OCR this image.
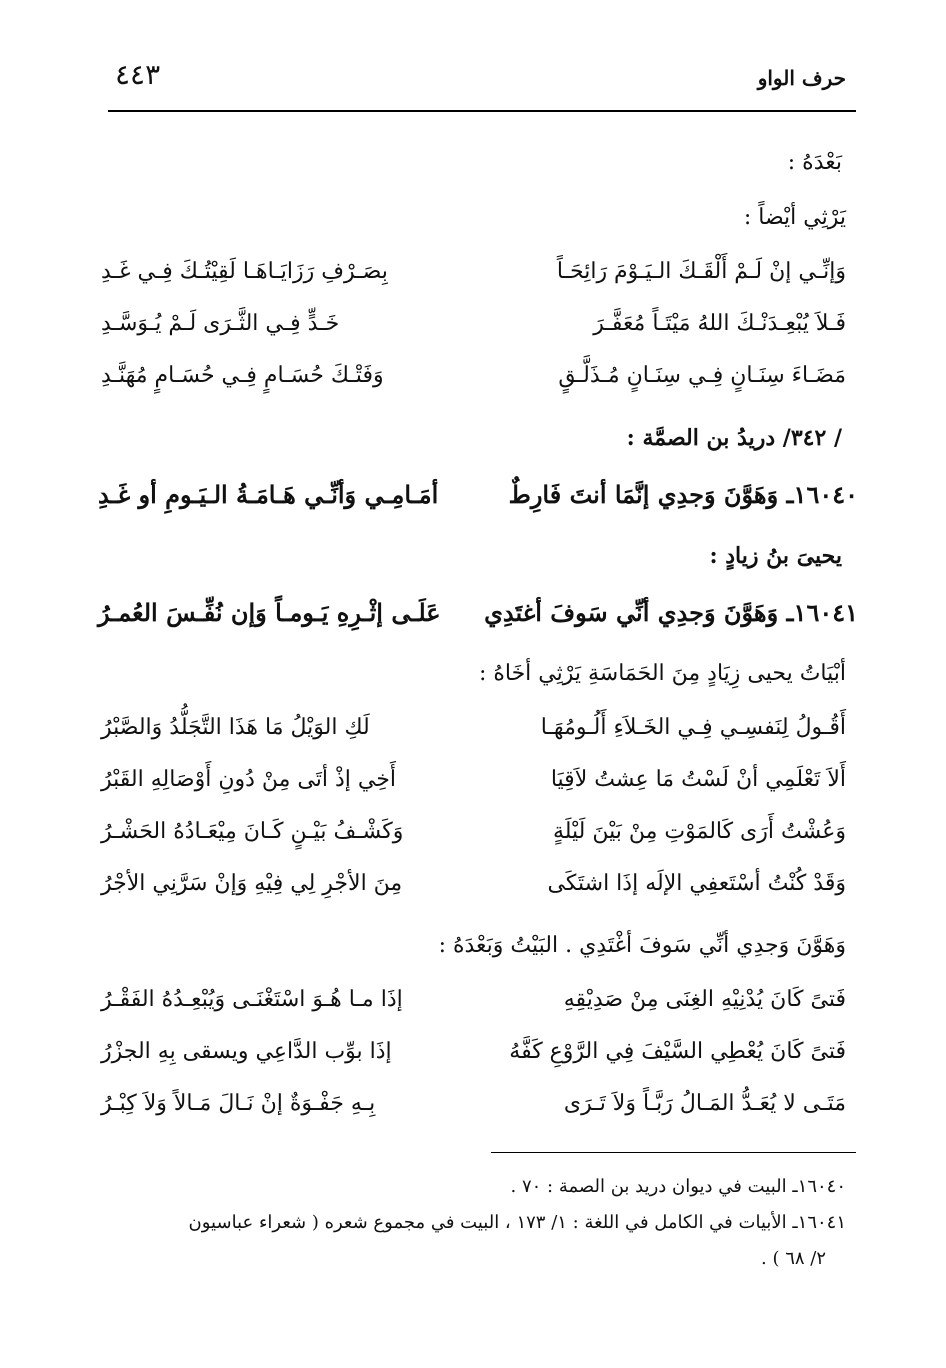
حرف الواو
٤٤٣
بَعْدَهُ :
يَرْثِي أيْضاً :
وَإنِّـي إنْ لَـمْ أَلْقَـكَ الـيَـوْمَ رَائِحَـاً
بِصَـرْفِ رَزَايَـاهَـا لَقِيْتُـكَ فِـي غَـدِ
فَـلاَ يُبْعِـدَنْـكَ اللهُ مَيْتَـاً مُعَفَّـرَ
خَـدٍّ فِـي الثَّـرَى لَـمْ يُـوَسَّـدِ
مَضَـاءَ سِنَـانٍ فِـي سِنَـانٍ مُـذَلَّـقٍ
وَفَتْـكَ حُسَـامٍ فِـي حُسَـامٍ مُهَنَّـدِ
/ ٣٤٢/ دريدُ بن الصمَّة :
١٦٠٤٠ـ وَهَوَّنَ وَجدِي إنَّمَا أنتَ فَارِطٌ
أمَـامِـي وَأنِّـي هَـامَـةُ الـيَـومِ أو غَـدِ
يحيىَ بنُ زيادٍ :
١٦٠٤١ـ وَهَوَّنَ وَجدِي أنِّي سَوفَ أغتَدِي
عَلَـى إثْـرِهِ يَـومـاً وَإن نُفِّـسَ العُمـرُ
أبْيَاتُ يحيى زِيَادٍ مِنَ الحَمَاسَةِ يَرْثِي أخَاهُ :
أَقُـولُ لِنَفسِـي فِـي الخَـلاَءِ أَلُـومُهَـا
لَكِ الوَيْلُ مَا هَذَا التَّجَلُّدُ وَالصَّبْرُ
أَلاَ تَعْلَمِي أنْ لَسْتُ مَا عِشتُ لاَقِيَا
أَخِي إذْ أتَى مِنْ دُونِ أَوْصَالِهِ القَبْرُ
وَعُشْتُ أَرَى كَالمَوْتِ مِنْ بَيْنَ لَيْلَةٍ
وَكَشْـفُ بَيْـنٍ كَـانَ مِيْعَـادُهُ الحَشْـرُ
وَقَدْ كُنْتُ أسْتَعفِي الإلَه إذَا اشتَكَى
مِنَ الأجْرِ لِي فِيْهِ وَإنْ سَرَّنِي الأجْرُ
وَهَوَّنَ وَجدِي أنِّي سَوفَ أغْتَدِي . البَيْتُ وَبَعْدَهُ :
فَتىً كَانَ يُدْنِيْهِ الغِنَى مِنْ صَدِيْقِهِ
إذَا مـا هُـوَ اسْتَغْنَـى وَيُبْعِـدُهُ الفَقْـرُ
فَتىً كَانَ يُعْطِي السَّيْفَ فِي الرَّوْعِ كَفَّهُ
إذَا بوِّب الدَّاعِي ويسقى بِهِ الجزْرُ
مَتَـى لا يُعَـدُّ المَـالُ رَبَّـاً وَلاَ تَـرَى
بِـهِ جَفْـوَةٌ إنْ نَـالَ مَـالاً وَلاَ كِبْـرُ
١٦٠٤٠ـ البيت في ديوان دريد بن الصمة : ٧٠ .
١٦٠٤١ـ الأبيات في الكامل في اللغة : ١/ ١٧٣ ، البيت في مجموع شعره ( شعراء عباسيون
٢/ ٦٨ ) .
